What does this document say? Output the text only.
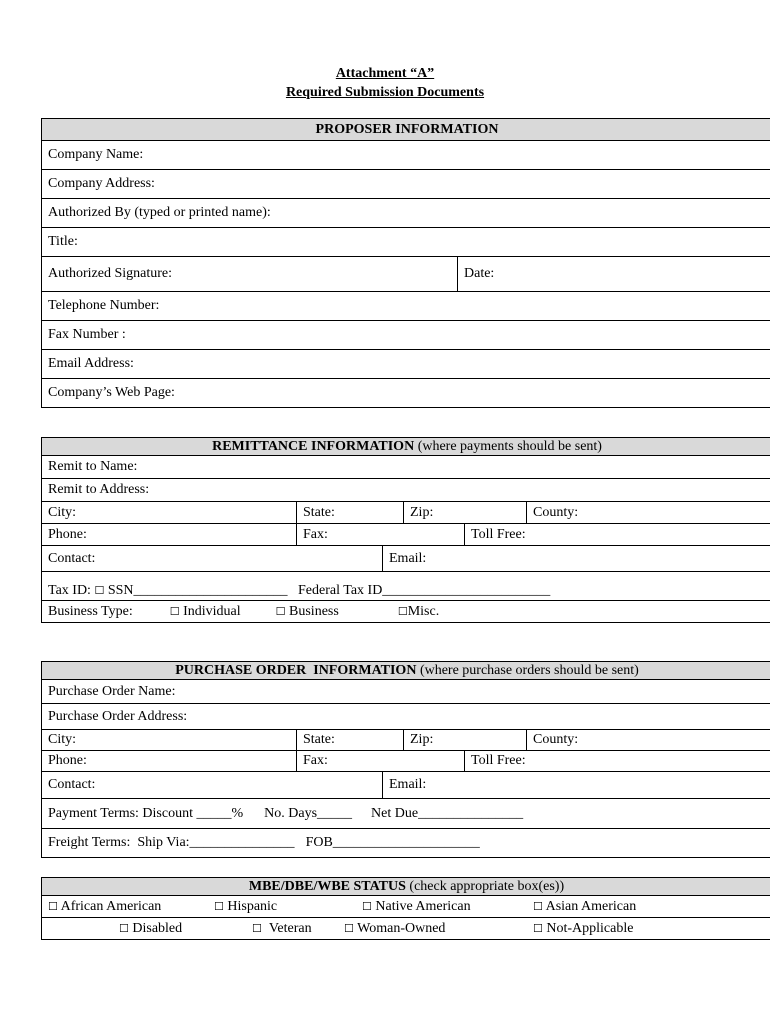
Attachment “A”
Required Submission Documents
PROPOSER INFORMATION
Company Name:
Company Address:
Authorized By (typed or printed name):
Title:
Authorized Signature:	Date:
Telephone Number:
Fax Number :
Email Address:
Company’s Web Page:
REMITTANCE INFORMATION (where payments should be sent)					
Remit to Name:					
Remit to Address:					
City:	State:		Zip:		County:
Phone:	Fax:			Toll Free:	
Contact:		Email:			
Tax ID: ☐ SSN______________________ Federal Tax ID________________________					
Business Type: ☐ Individual ☐ Business ☐Misc.					
PURCHASE ORDER  INFORMATION (where purchase orders should be sent)					
Purchase Order Name:					
Purchase Order Address:					
City:	State:		Zip:		County:
Phone:	Fax:			Toll Free:	
Contact:		Email:			
Payment Terms: Discount _____% No. Days_____ Net Due_______________					
Freight Terms:  Ship Via:_______________ FOB_____________________					
MBE/DBE/WBE STATUS (check appropriate box(es))

☐ African American	☐ Hispanic	☐ Native American	☐ Asian American

☐ Disabled	☐ Veteran	☐ Woman-Owned	☐ Not-Applicable
